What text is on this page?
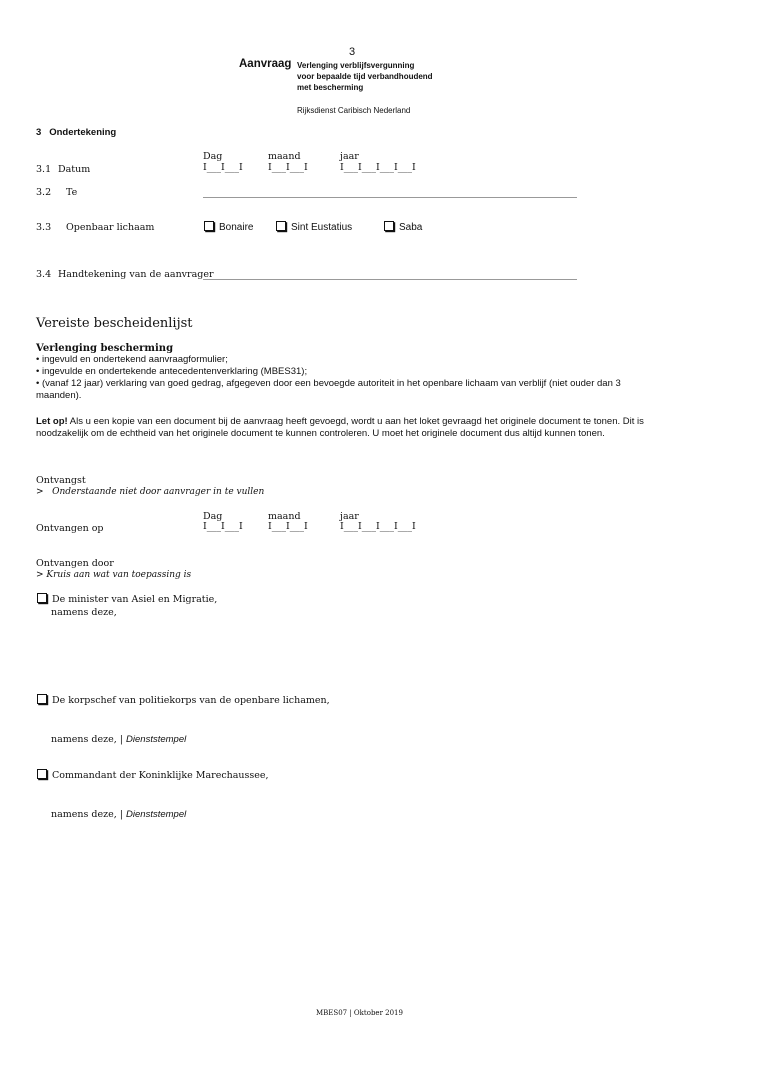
3
Aanvraag Verlenging verblijfsvergunning
voor bepaalde tijd verbandhoudend
met bescherming
Rijksdienst Caribisch Nederland
3   Ondertekening
Dag	maand	jaar
3.1 Datum	I___I___I	I___I___I	I___I___I___I___I
3.2 Te
3.3 Openbaar lichaam	Bonaire	Sint Eustatius	Saba
3.4 Handtekening van de aanvrager
Vereiste bescheidenlijst
Verlenging bescherming
• ingevuld en ondertekend aanvraagformulier;
• ingevulde en ondertekende antecedentenverklaring (MBES31);
• (vanaf 12 jaar) verklaring van goed gedrag, afgegeven door een bevoegde autoriteit in het openbare lichaam van verblijf (niet ouder dan 3
maanden).
Let op! Als u een kopie van een document bij de aanvraag heeft gevoegd, wordt u aan het loket gevraagd het originele document te tonen. Dit is
noodzakelijk om de echtheid van het originele document te kunnen controleren. U moet het originele document dus altijd kunnen tonen.
Ontvangst
>   Onderstaande niet door aanvrager in te vullen
Dag	maand	jaar
Ontvangen op	I___I___I	I___I___I	I___I___I___I___I
Ontvangen door
> Kruis aan wat van toepassing is
De minister van Asiel en Migratie,
namens deze,

De korpschef van politiekorps van de openbare lichamen,

namens deze, | Dienststempel

Commandant der Koninklijke Marechaussee,

namens deze, | Dienststempel

MBES07 | Oktober 2019
